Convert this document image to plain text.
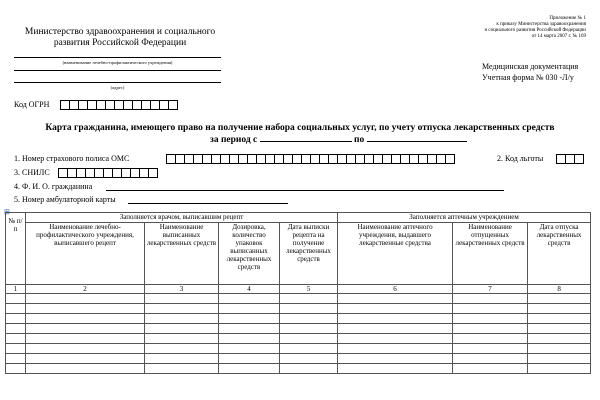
Министерство здравоохранения и социального развития Российской Федерации
(наименование лечебно-профилактического учреждения)
(адрес)
Приложение № 1
к приказу Министерства здравоохранения
и социального развития Российской Федерации
от 14 марта 2007 г. № 169
Медицинская документация
Учетная форма № 030 -Л/у
Код ОГРН
Карта гражданина, имеющего право на получение набора социальных услуг, по учету отпуска лекарственных средств
за период с	по
1. Номер страхового полиса ОМС	2. Код льготы
3. СНИЛС
4. Ф. И. О. гражданина
5. Номер амбулаторной карты
⊞
№ п/п	Заполняется врачом, выписавшим рецепт				Заполняется аптечным учреждением		
	Наименование лечебно-профилактического учреждения, выписавшего рецепт	Наименование выписанных лекарственных средств	Дозировка, количество упаковок выписанных лекарственных средств	Дата выписки рецепта на получение лекарственных средств	Наименование аптечного учреждения, выдавшего лекарственные средства	Наименование отпущенных лекарственных средств	Дата отпуска лекарственных средств
1	2	3	4	5	6	7	8
